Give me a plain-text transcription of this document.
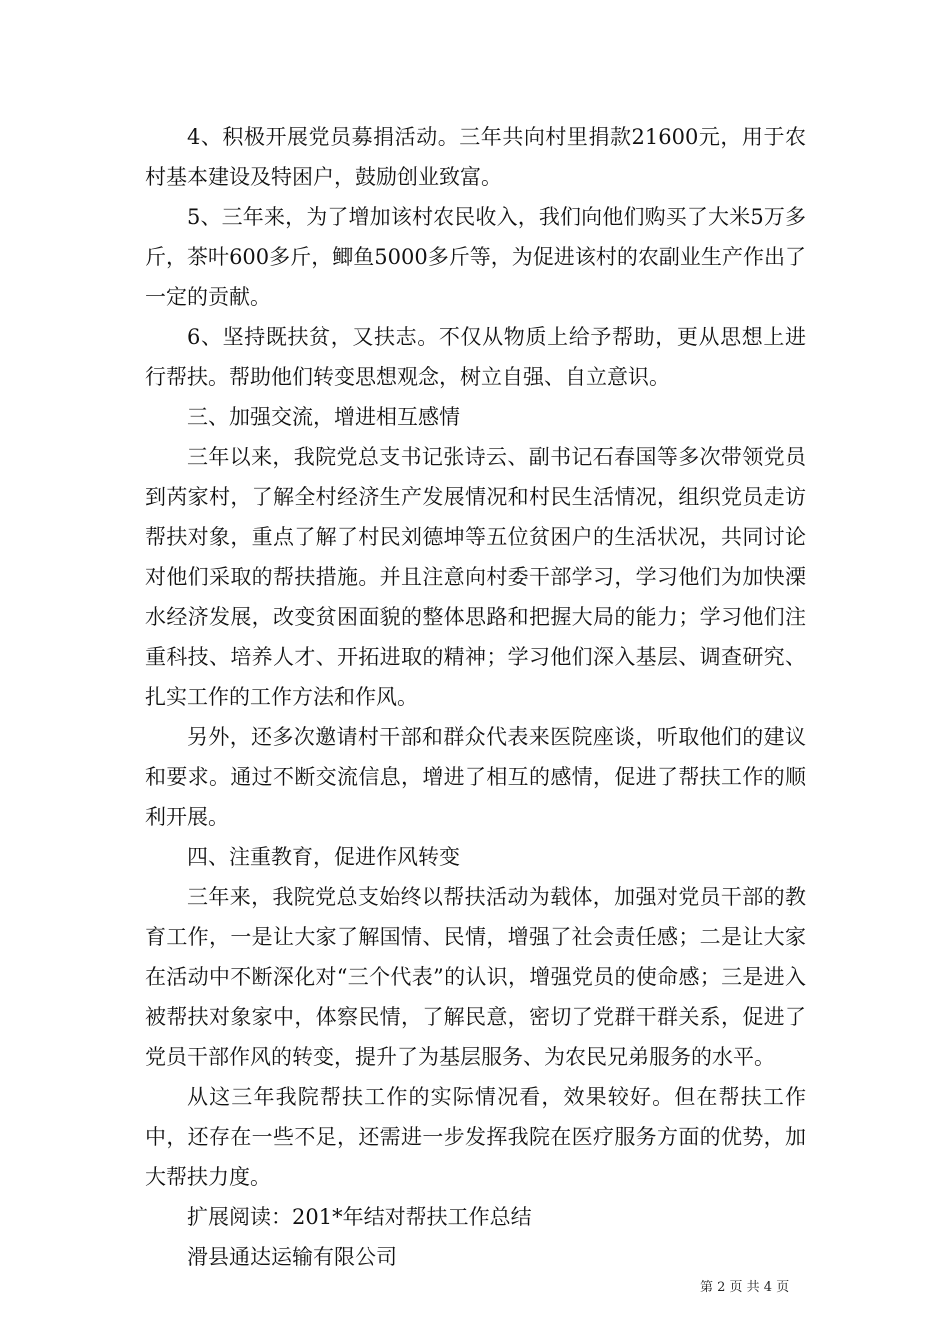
4、积极开展党员募捐活动。三年共向村里捐款21600元，用于农村基本建设及特困户，鼓励创业致富。

5、三年来，为了增加该村农民收入，我们向他们购买了大米5万多斤，茶叶600多斤，鲫鱼5000多斤等，为促进该村的农副业生产作出了一定的贡献。

6、坚持既扶贫，又扶志。不仅从物质上给予帮助，更从思想上进行帮扶。帮助他们转变思想观念，树立自强、自立意识。

三、加强交流，增进相互感情

三年以来，我院党总支书记张诗云、副书记石春国等多次带领党员到芮家村，了解全村经济生产发展情况和村民生活情况，组织党员走访帮扶对象，重点了解了村民刘德坤等五位贫困户的生活状况，共同讨论对他们采取的帮扶措施。并且注意向村委干部学习，学习他们为加快溧水经济发展，改变贫困面貌的整体思路和把握大局的能力；学习他们注重科技、培养人才、开拓进取的精神；学习他们深入基层、调查研究、扎实工作的工作方法和作风。

另外，还多次邀请村干部和群众代表来医院座谈，听取他们的建议和要求。通过不断交流信息，增进了相互的感情，促进了帮扶工作的顺利开展。

四、注重教育，促进作风转变

三年来，我院党总支始终以帮扶活动为载体，加强对党员干部的教育工作，一是让大家了解国情、民情，增强了社会责任感；二是让大家在活动中不断深化对“三个代表”的认识，增强党员的使命感；三是进入被帮扶对象家中，体察民情，了解民意，密切了党群干群关系，促进了党员干部作风的转变，提升了为基层服务、为农民兄弟服务的水平。

从这三年我院帮扶工作的实际情况看，效果较好。但在帮扶工作中，还存在一些不足，还需进一步发挥我院在医疗服务方面的优势，加大帮扶力度。

扩展阅读：201*年结对帮扶工作总结

滑县通达运输有限公司

第 2 页 共 4 页
